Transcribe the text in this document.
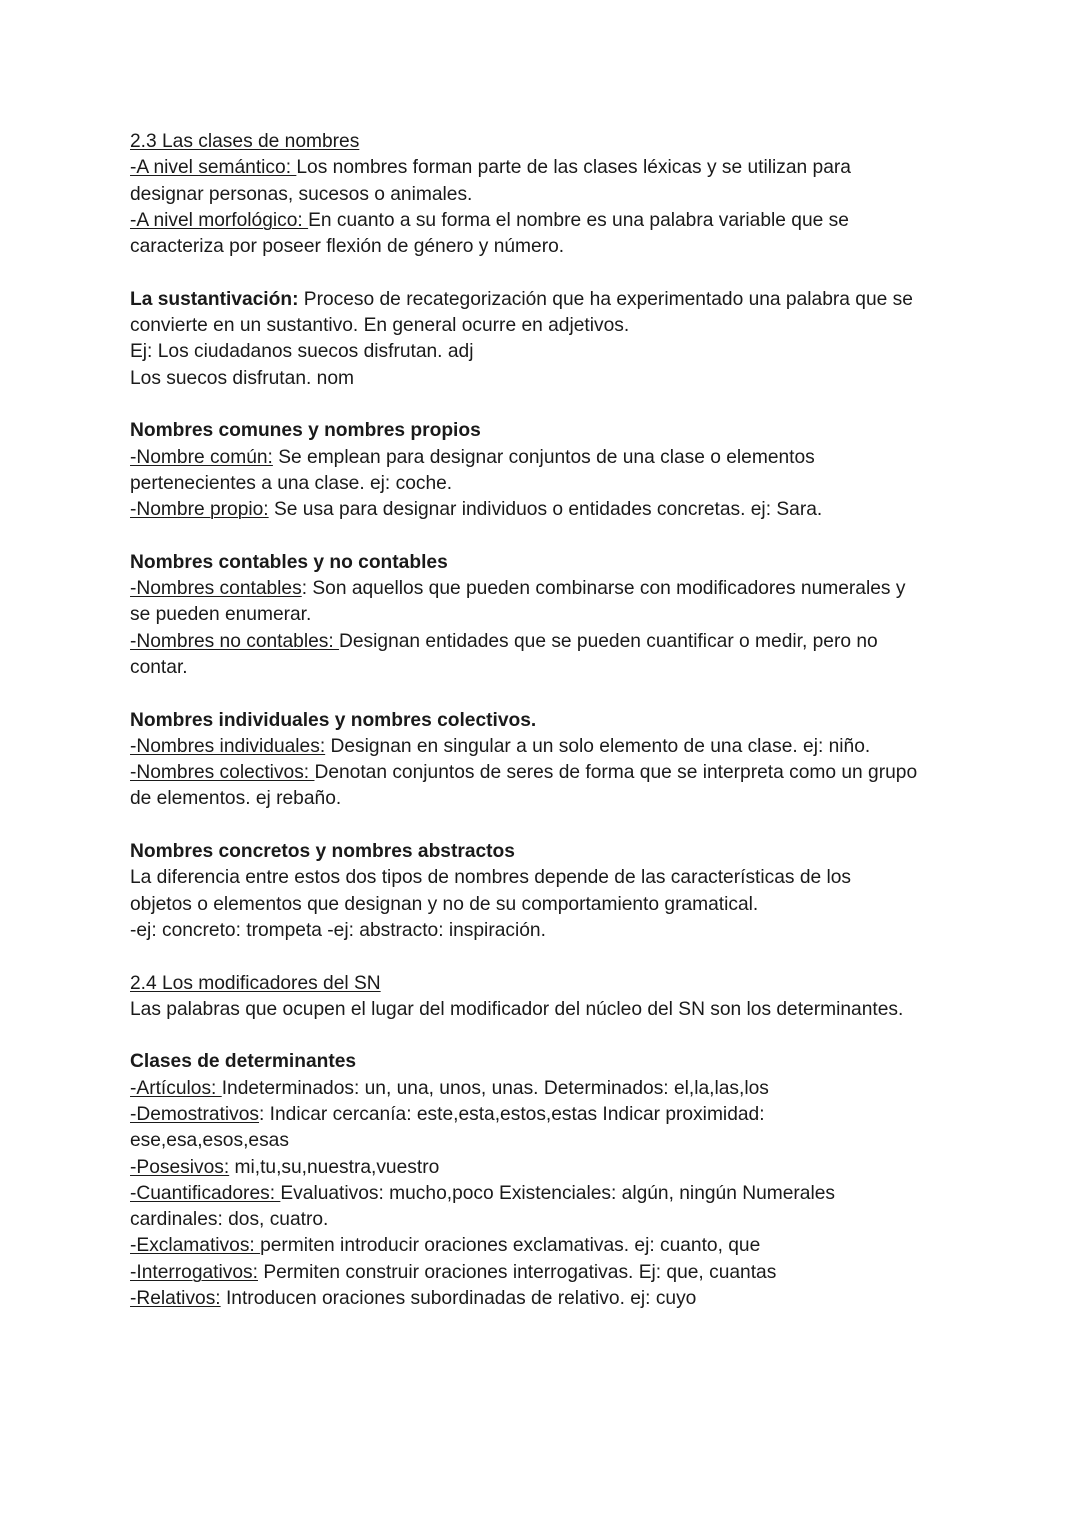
2.3 Las clases de nombres
-A nivel semántico: Los nombres forman parte de las clases léxicas y se utilizan para
designar personas, sucesos o animales.
-A nivel morfológico: En cuanto a su forma el nombre es una palabra variable que se
caracteriza por poseer flexión de género y número.
La sustantivación: Proceso de recategorización que ha experimentado una palabra que se
convierte en un sustantivo. En general ocurre en adjetivos.
Ej: Los ciudadanos suecos disfrutan. adj
Los suecos disfrutan. nom
Nombres comunes y nombres propios
-Nombre común: Se emplean para designar conjuntos de una clase o elementos
pertenecientes a una clase. ej: coche.
-Nombre propio: Se usa para designar individuos o entidades concretas. ej: Sara.
Nombres contables y no contables
-Nombres contables: Son aquellos que pueden combinarse con modificadores numerales y
se pueden enumerar.
-Nombres no contables: Designan entidades que se pueden cuantificar o medir, pero no
contar.
Nombres individuales y nombres colectivos.
-Nombres individuales: Designan en singular a un solo elemento de una clase. ej: niño.
-Nombres colectivos: Denotan conjuntos de seres de forma que se interpreta como un grupo
de elementos. ej rebaño.
Nombres concretos y nombres abstractos
La diferencia entre estos dos tipos de nombres depende de las características de los
objetos o elementos que designan y no de su comportamiento gramatical.
-ej: concreto: trompeta -ej: abstracto: inspiración.
2.4 Los modificadores del SN
Las palabras que ocupen el lugar del modificador del núcleo del SN son los determinantes.
Clases de determinantes
-Artículos: Indeterminados: un, una, unos, unas. Determinados: el,la,las,los
-Demostrativos: Indicar cercanía: este,esta,estos,estas Indicar proximidad:
ese,esa,esos,esas
-Posesivos: mi,tu,su,nuestra,vuestro
-Cuantificadores: Evaluativos: mucho,poco Existenciales: algún, ningún Numerales
cardinales: dos, cuatro.
-Exclamativos: permiten introducir oraciones exclamativas. ej: cuanto, que
-Interrogativos: Permiten construir oraciones interrogativas. Ej: que, cuantas
-Relativos: Introducen oraciones subordinadas de relativo. ej: cuyo
